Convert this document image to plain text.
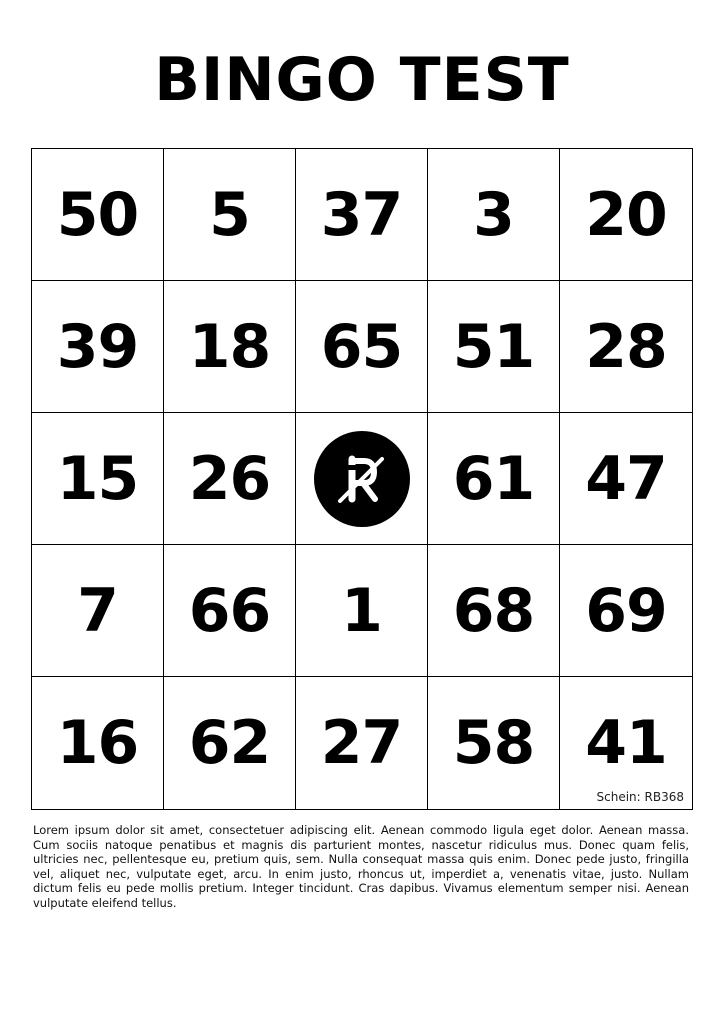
BINGO TEST
50 5 37 3 20
39 18 65 51 28
15 26	61 47
7 66 1 68 69
16 62 27 58 41
Schein: RB368

Lorem ipsum dolor sit amet, consectetuer adipiscing elit. Aenean commodo ligula eget dolor. Aenean massa. Cum sociis natoque penatibus et magnis dis parturient montes, nascetur ridiculus mus. Donec quam felis, ultricies nec, pellentesque eu, pretium quis, sem. Nulla consequat massa quis enim. Donec pede justo, fringilla vel, aliquet nec, vulputate eget, arcu. In enim justo, rhoncus ut, imperdiet a, venenatis vitae, justo. Nullam dictum felis eu pede mollis pretium. Integer tincidunt. Cras dapibus. Vivamus elementum semper nisi. Aenean vulputate eleifend tellus.
